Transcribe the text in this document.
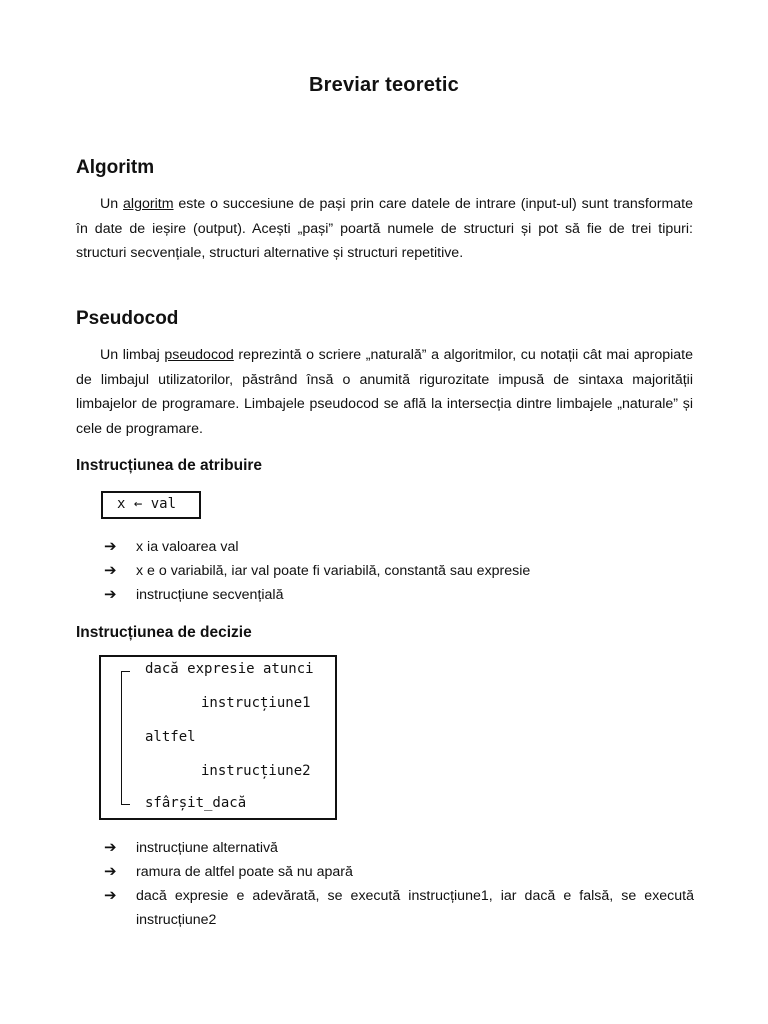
Breviar teoretic
Algoritm
Un algoritm este o succesiune de pași prin care datele de intrare (input-ul) sunt transformate în date de ieșire (output). Acești „pași” poartă numele de structuri și pot să fie de trei tipuri: structuri secvențiale, structuri alternative și structuri repetitive.
Pseudocod
Un limbaj pseudocod reprezintă o scriere „naturală” a algoritmilor, cu notații cât mai apropiate de limbajul utilizatorilor, păstrând însă o anumită rigurozitate impusă de sintaxa majorității limbajelor de programare. Limbajele pseudocod se află la intersecția dintre limbajele „naturale” și cele de programare.
Instrucțiunea de atribuire
x ← val
➔ x ia valoarea val
➔ x e o variabilă, iar val poate fi variabilă, constantă sau expresie
➔ instrucțiune secvențială
Instrucțiunea de decizie
dacă expresie atunci
instrucțiune1
altfel
instrucțiune2
sfârșit_dacă
➔ instrucțiune alternativă
➔ ramura de altfel poate să nu apară
➔ dacă expresie e adevărată, se execută instrucțiune1, iar dacă e falsă, se execută instrucțiune2
